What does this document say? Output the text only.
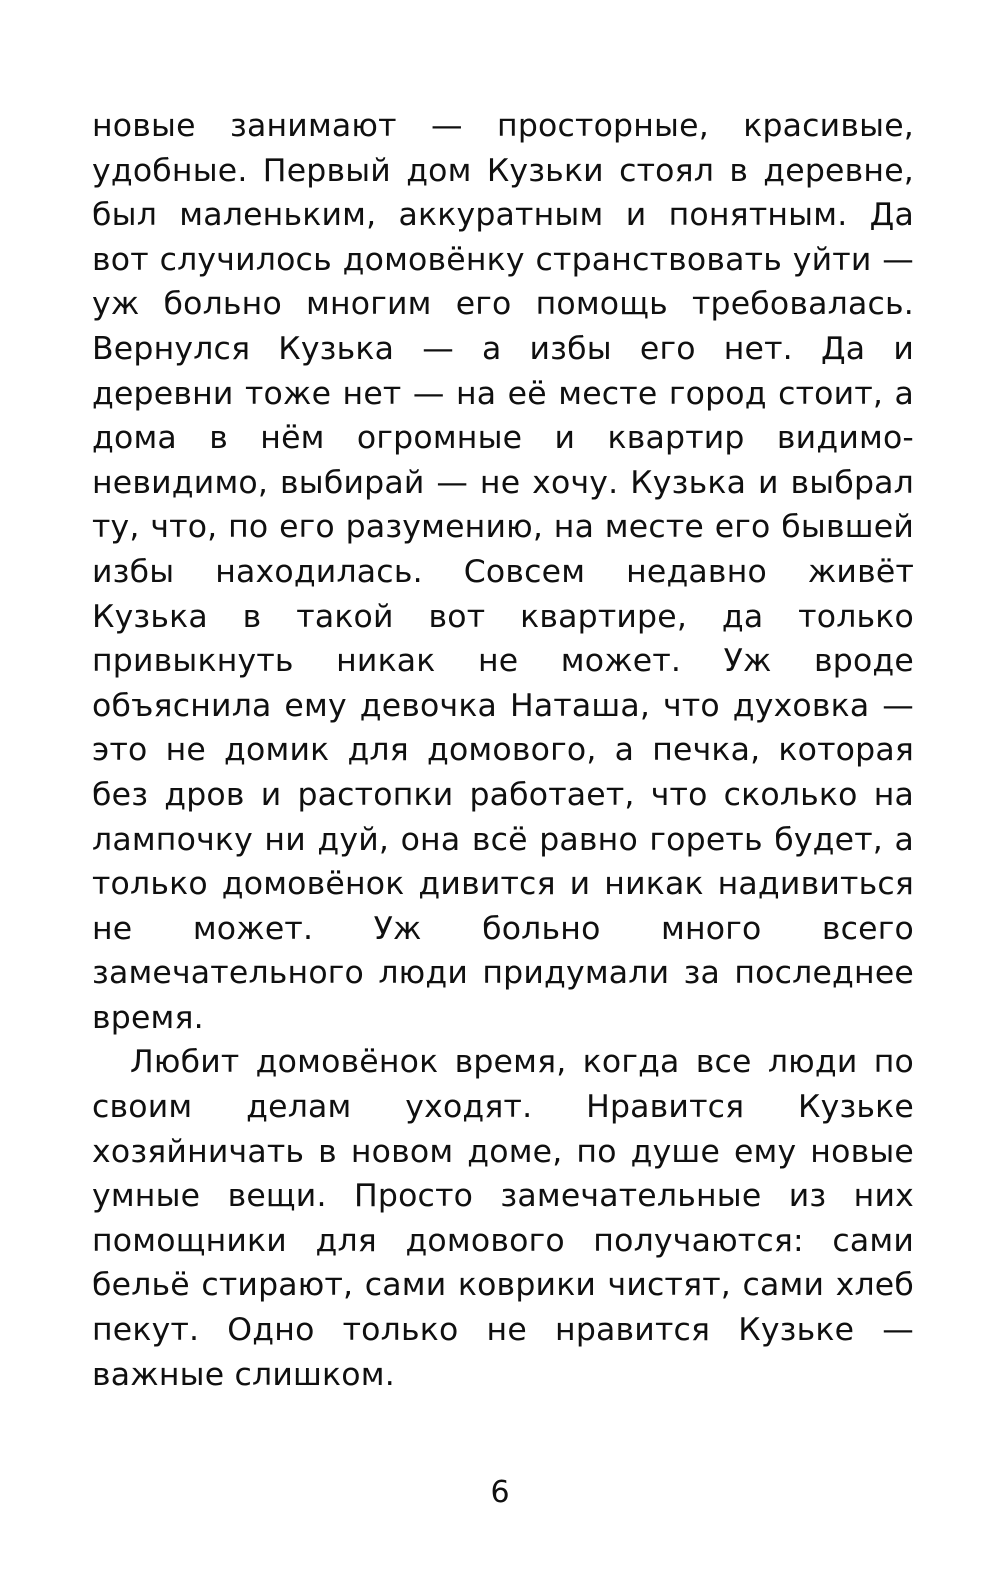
новые занимают — просторные, красивые, удобные. Первый дом Кузьки стоял в деревне, был маленьким, аккуратным и понятным. Да вот случилось домовёнку странствовать уйти — уж больно многим его помощь требовалась. Вернулся Кузька — а избы его нет. Да и деревни тоже нет — на её месте город стоит, а дома в нём огромные и квартир видимо-невидимо, выбирай — не хочу. Кузька и выбрал ту, что, по его разумению, на месте его бывшей избы находилась. Совсем недавно живёт Кузька в такой вот квартире, да только привыкнуть никак не может. Уж вроде объяснила ему девочка Наташа, что духовка — это не домик для домового, а печка, которая без дров и растопки работает, что сколько на лампочку ни дуй, она всё равно гореть будет, а только домовёнок дивится и никак надивиться не может. Уж больно много всего замечательного люди придумали за последнее время.

Любит домовёнок время, когда все люди по своим делам уходят. Нравится Кузьке хозяйничать в новом доме, по душе ему новые умные вещи. Просто замечательные из них помощники для домового получаются: сами бельё стирают, сами коврики чистят, сами хлеб пекут. Одно только не нравится Кузьке — важные слишком.

6
